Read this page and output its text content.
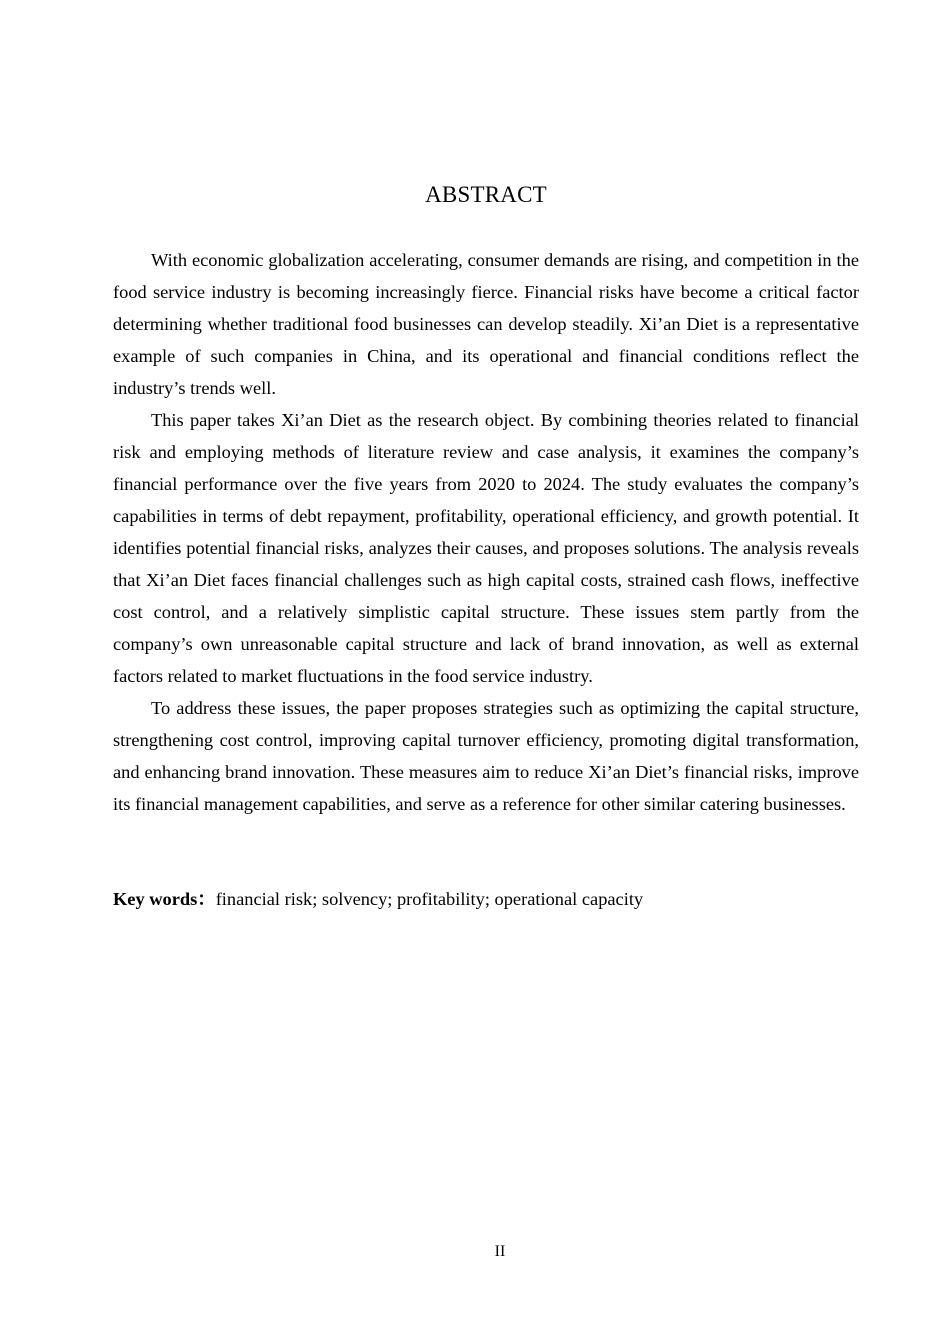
ABSTRACT

With economic globalization accelerating, consumer demands are rising, and competition in the food service industry is becoming increasingly fierce. Financial risks have become a critical factor determining whether traditional food businesses can develop steadily. Xi’an Diet is a representative example of such companies in China, and its operational and financial conditions reflect the industry’s trends well.

This paper takes Xi’an Diet as the research object. By combining theories related to financial risk and employing methods of literature review and case analysis, it examines the company’s financial performance over the five years from 2020 to 2024. The study evaluates the company’s capabilities in terms of debt repayment, profitability, operational efficiency, and growth potential. It identifies potential financial risks, analyzes their causes, and proposes solutions. The analysis reveals that Xi’an Diet faces financial challenges such as high capital costs, strained cash flows, ineffective cost control, and a relatively simplistic capital structure. These issues stem partly from the company’s own unreasonable capital structure and lack of brand innovation, as well as external factors related to market fluctuations in the food service industry.

To address these issues, the paper proposes strategies such as optimizing the capital structure, strengthening cost control, improving capital turnover efficiency, promoting digital transformation, and enhancing brand innovation. These measures aim to reduce Xi’an Diet’s financial risks, improve its financial management capabilities, and serve as a reference for other similar catering businesses.

Key words：financial risk; solvency; profitability; operational capacity
II
